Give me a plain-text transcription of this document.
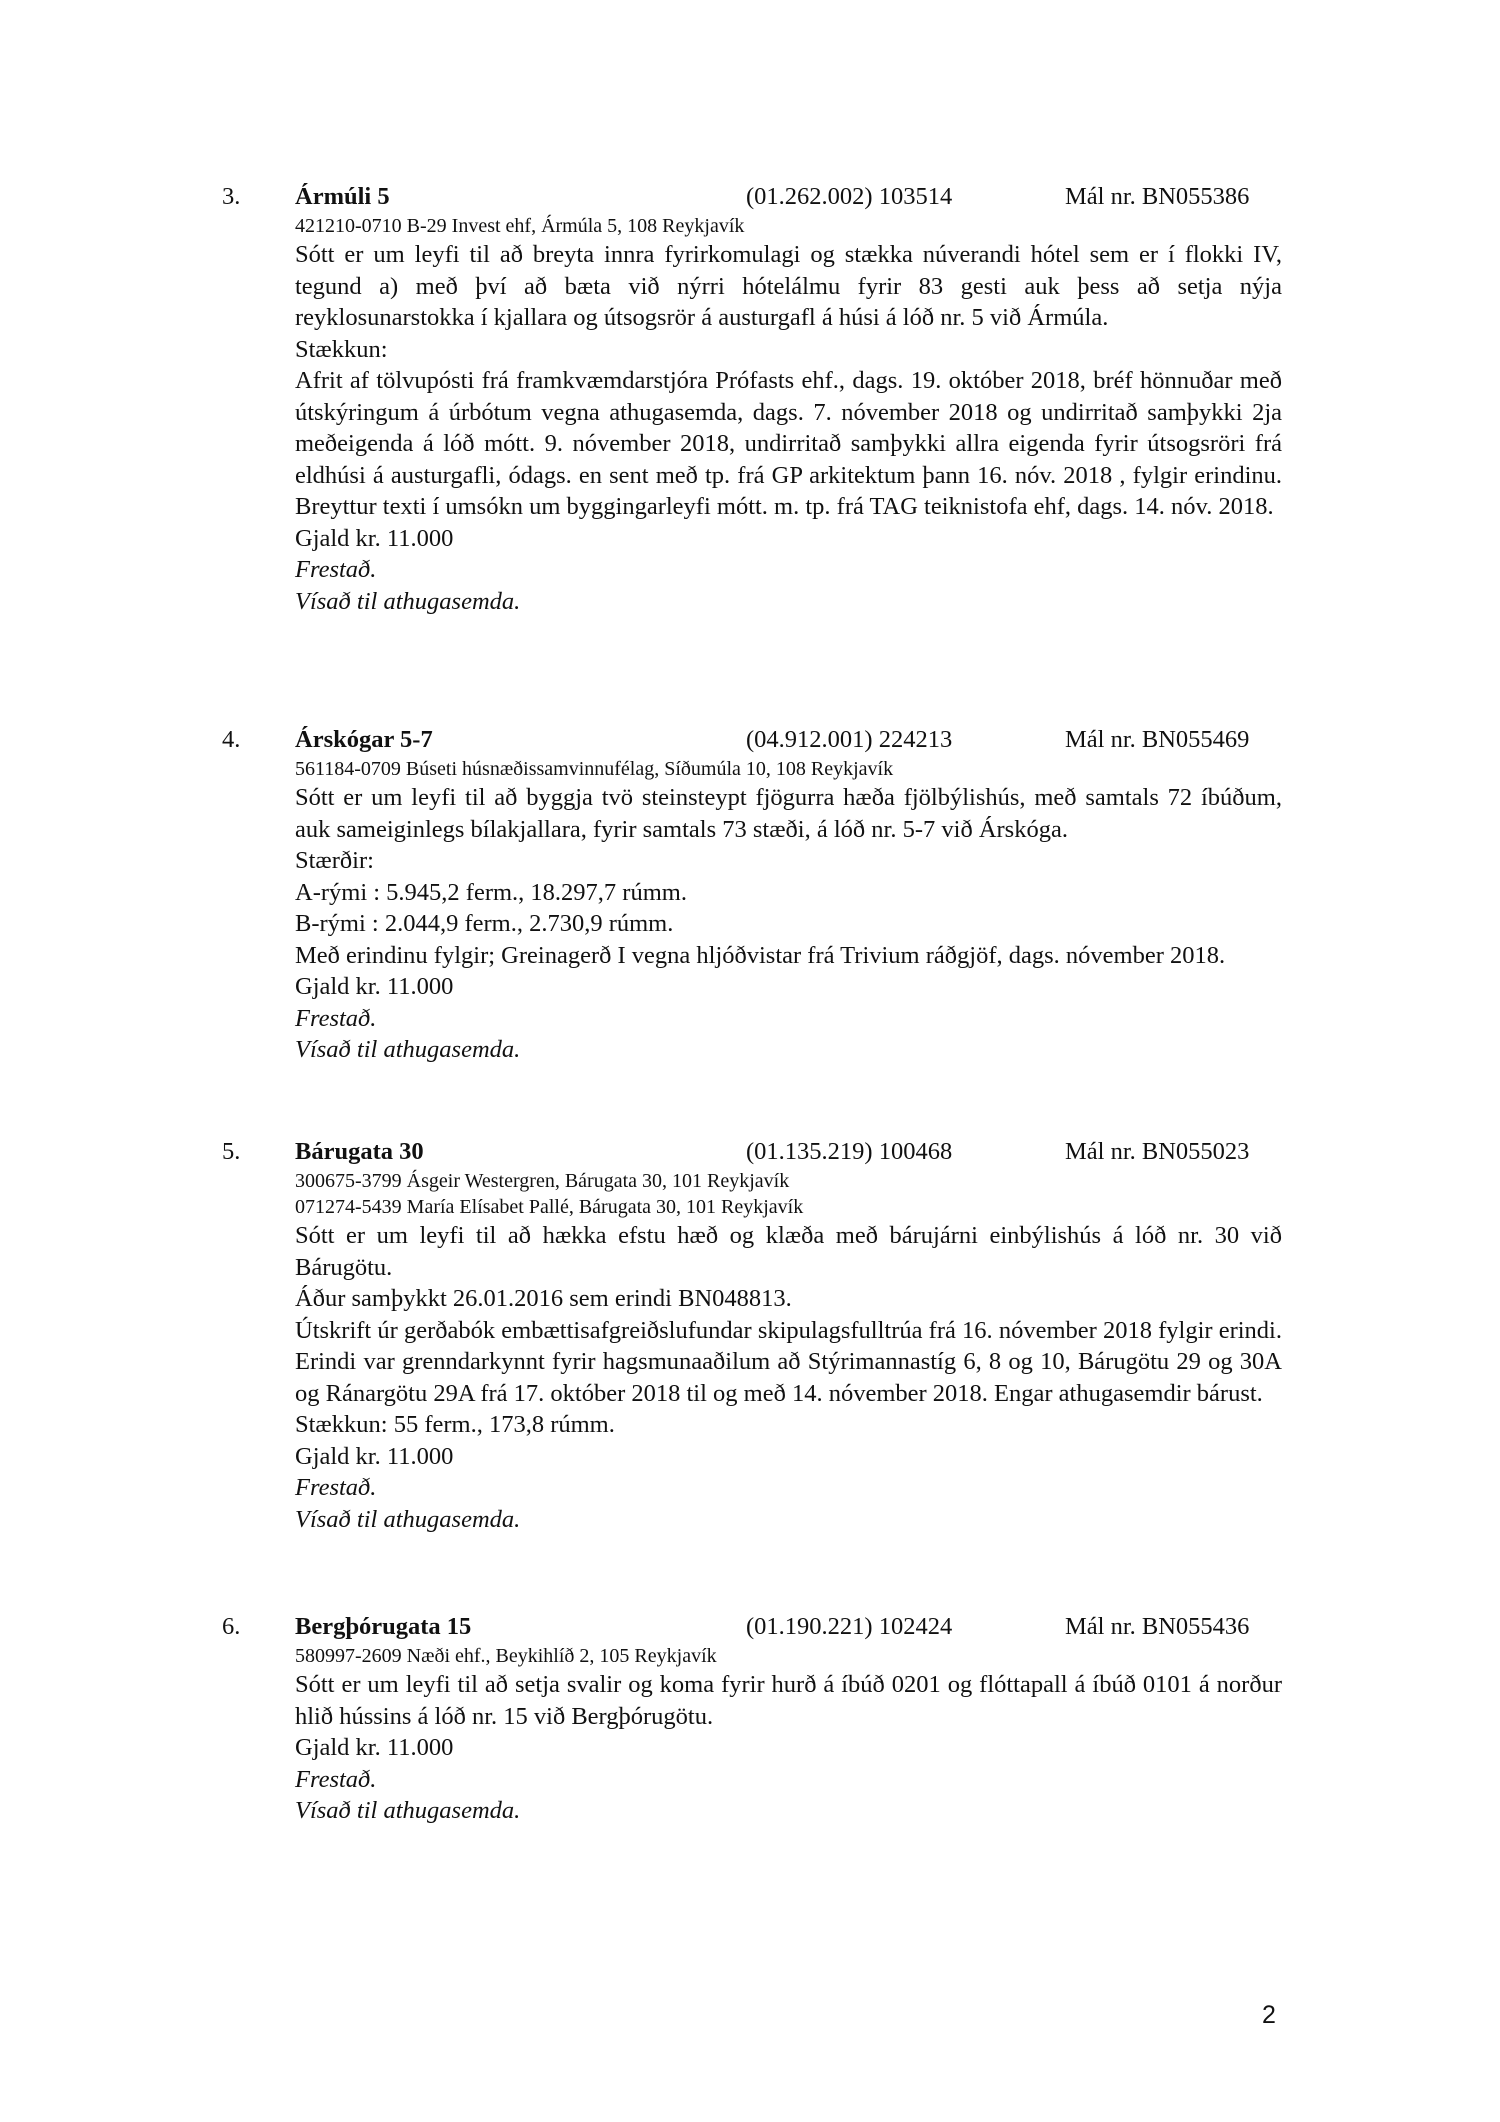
3. Ármúli 5	(01.262.002) 103514	Mál nr. BN055386
421210-0710 B-29 Invest ehf, Ármúla 5, 108 Reykjavík
Sótt er um leyfi til að breyta innra fyrirkomulagi og stækka núverandi hótel sem er í flokki IV, tegund a) með því að bæta við nýrri hótelálmu fyrir 83 gesti auk þess að setja nýja reyklosunarstokka í kjallara og útsogsrör á austurgafl á húsi á lóð nr. 5 við Ármúla.
Stækkun:
Afrit af tölvupósti frá framkvæmdarstjóra Prófasts ehf., dags. 19. október 2018, bréf hönnuðar með útskýringum á úrbótum vegna athugasemda, dags. 7. nóvember 2018 og undirritað samþykki 2ja meðeigenda á lóð mótt. 9. nóvember 2018, undirritað samþykki allra eigenda fyrir útsogsröri frá eldhúsi á austurgafli, ódags. en sent með tp. frá GP arkitektum þann 16. nóv. 2018 , fylgir erindinu. Breyttur texti í umsókn um byggingarleyfi mótt. m. tp. frá TAG teiknistofa ehf, dags. 14. nóv. 2018.
Gjald kr. 11.000
Frestað.
Vísað til athugasemda.
4. Árskógar 5-7	(04.912.001) 224213	Mál nr. BN055469
561184-0709 Búseti húsnæðissamvinnufélag, Síðumúla 10, 108 Reykjavík
Sótt er um leyfi til að byggja tvö steinsteypt fjögurra hæða fjölbýlishús, með samtals 72 íbúðum, auk sameiginlegs bílakjallara, fyrir samtals 73 stæði, á lóð nr. 5-7 við Árskóga.
Stærðir:
A-rými : 5.945,2 ferm., 18.297,7 rúmm.
B-rými : 2.044,9 ferm., 2.730,9 rúmm.
Með erindinu fylgir; Greinagerð I vegna hljóðvistar frá Trivium ráðgjöf, dags. nóvember 2018.
Gjald kr. 11.000
Frestað.
Vísað til athugasemda.
5. Bárugata 30	(01.135.219) 100468	Mál nr. BN055023
300675-3799 Ásgeir Westergren, Bárugata 30, 101 Reykjavík
071274-5439 María Elísabet Pallé, Bárugata 30, 101 Reykjavík
Sótt er um leyfi til að hækka efstu hæð og klæða með bárujárni einbýlishús á lóð nr. 30 við Bárugötu.
Áður samþykkt 26.01.2016 sem erindi BN048813.
Útskrift úr gerðabók embættisafgreiðslufundar skipulagsfulltrúa frá 16. nóvember 2018 fylgir erindi. Erindi var grenndarkynnt fyrir hagsmunaaðilum að Stýrimannastíg 6, 8 og 10, Bárugötu 29 og 30A og Ránargötu 29A frá 17. október 2018 til og með 14. nóvember 2018. Engar athugasemdir bárust.
Stækkun: 55 ferm., 173,8 rúmm.
Gjald kr. 11.000
Frestað.
Vísað til athugasemda.
6. Bergþórugata 15	(01.190.221) 102424	Mál nr. BN055436
580997-2609 Næði ehf., Beykihlíð 2, 105 Reykjavík
Sótt er um leyfi til að setja svalir og koma fyrir hurð á íbúð 0201 og flóttapall á íbúð 0101 á norður hlið hússins á lóð nr. 15 við Bergþórugötu.
Gjald kr. 11.000
Frestað.
Vísað til athugasemda.
2
